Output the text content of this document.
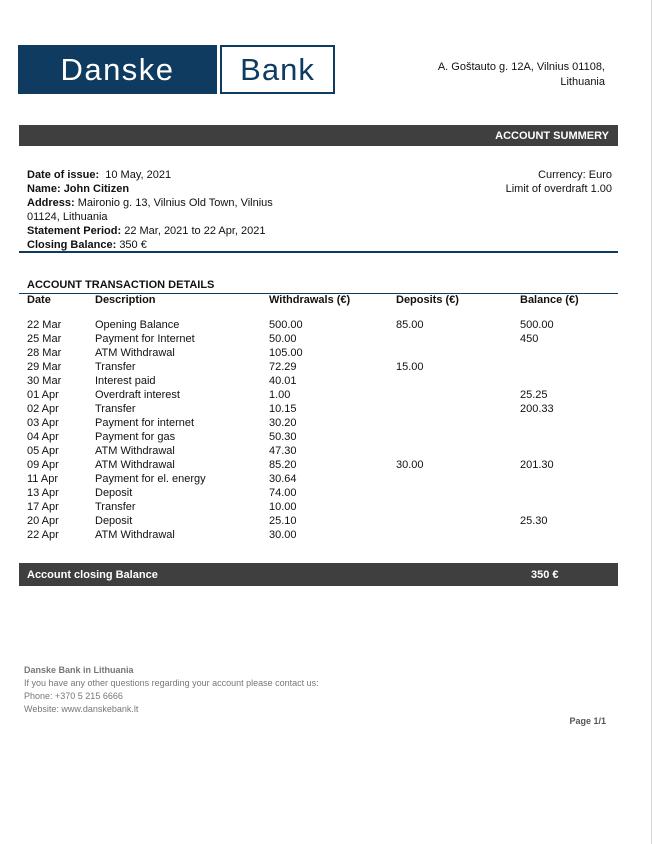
Danske	Bank	A. Goštauto g. 12A, Vilnius 01108,
Lithuania
ACCOUNT SUMMERY
Date of issue: 10 May, 2021
Name: John Citizen
Address: Maironio g. 13, Vilnius Old Town, Vilnius
01124, Lithuania
Statement Period: 22 Mar, 2021 to 22 Apr, 2021
Closing Balance: 350 €
Currency: Euro
Limit of overdraft 1.00
ACCOUNT TRANSACTION DETAILS
Date	Description	Withdrawals (€)	Deposits (€)	Balance (€)
22 Mar	Opening Balance	500.00	85.00	500.00
25 Mar	Payment for Internet	50.00		450
28 Mar	ATM Withdrawal	105.00		
29 Mar	Transfer	72.29	15.00	
30 Mar	Interest paid	40.01		
01 Apr	Overdraft interest	1.00		25.25
02 Apr	Transfer	10.15		200.33
03 Apr	Payment for internet	30.20		
04 Apr	Payment for gas	50.30		
05 Apr	ATM Withdrawal	47.30		
09 Apr	ATM Withdrawal	85.20	30.00	201.30
11 Apr	Payment for el. energy	30.64		
13 Apr	Deposit	74.00		
17 Apr	Transfer	10.00		
20 Apr	Deposit	25.10		25.30
22 Apr	ATM Withdrawal	30.00		
Account closing Balance	350 €
Danske Bank in Lithuania
If you have any other questions regarding your account please contact us:
Phone: +370 5 215 6666
Website: www.danskebank.lt
Page 1/1
